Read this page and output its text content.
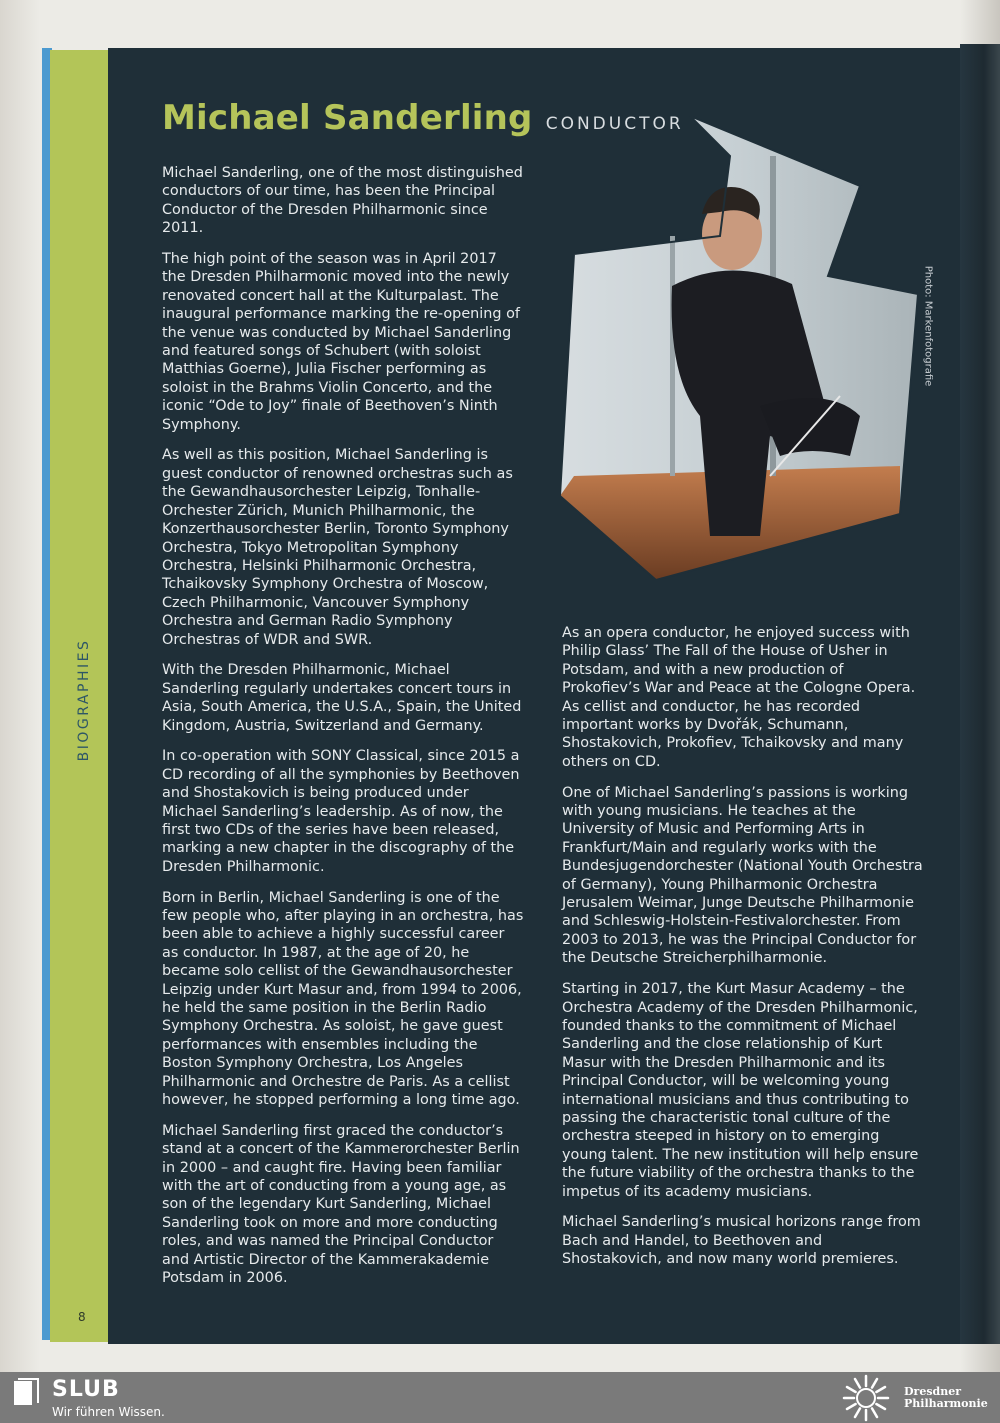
BIOGRAPHIES
8
Michael Sanderling CONDUCTOR

Michael Sanderling, one of the most distinguished conductors of our time, has been the Principal Conductor of the Dresden Philharmonic since 2011.

The high point of the season was in April 2017 the Dresden Philharmonic moved into the newly renovated concert hall at the Kulturpalast. The inaugural performance marking the re-opening of the venue was conducted by Michael Sanderling and featured songs of Schubert (with soloist Matthias Goerne), Julia Fischer performing as soloist in the Brahms Violin Concerto, and the iconic “Ode to Joy” finale of Beethoven’s Ninth Symphony.

As well as this position, Michael Sanderling is guest conductor of renowned orchestras such as the Gewandhausorchester Leipzig, Tonhalle-Orchester Zürich, Munich Philharmonic, the Konzerthausorchester Berlin, Toronto Symphony Orchestra, Tokyo Metropolitan Symphony Orchestra, Helsinki Philharmonic Orchestra, Tchaikovsky Symphony Orchestra of Moscow, Czech Philharmonic, Vancouver Symphony Orchestra and German Radio Symphony Orchestras of WDR and SWR.

With the Dresden Philharmonic, Michael Sanderling regularly undertakes concert tours in Asia, South America, the U.S.A., Spain, the United Kingdom, Austria, Switzerland and Germany.

In co-operation with SONY Classical, since 2015 a CD recording of all the symphonies by Beethoven and Shostakovich is being produced under Michael Sanderling’s leadership. As of now, the first two CDs of the series have been released, marking a new chapter in the discography of the Dresden Philharmonic.

Born in Berlin, Michael Sanderling is one of the few people who, after playing in an orchestra, has been able to achieve a highly successful career as conductor. In 1987, at the age of 20, he became solo cellist of the Gewandhausorchester Leipzig under Kurt Masur and, from 1994 to 2006, he held the same position in the Berlin Radio Symphony Orchestra. As soloist, he gave guest performances with ensembles including the Boston Symphony Orchestra, Los Angeles Philharmonic and Orchestre de Paris. As a cellist however, he stopped performing a long time ago.

Michael Sanderling first graced the conductor’s stand at a concert of the Kammerorchester Berlin in 2000 – and caught fire. Having been familiar with the art of conducting from a young age, as son of the legendary Kurt Sanderling, Michael Sanderling took on more and more conducting roles, and was named the Principal Conductor and Artistic Director of the Kammerakademie Potsdam in 2006.

As an opera conductor, he enjoyed success with Philip Glass’ The Fall of the House of Usher in Potsdam, and with a new production of Prokofiev’s War and Peace at the Cologne Opera. As cellist and conductor, he has recorded important works by Dvořák, Schumann, Shostakovich, Prokofiev, Tchaikovsky and many others on CD.

One of Michael Sanderling’s passions is working with young musicians. He teaches at the University of Music and Performing Arts in Frankfurt/Main and regularly works with the Bundesjugendorchester (National Youth Orchestra of Germany), Young Philharmonic Orchestra Jerusalem Weimar, Junge Deutsche Philharmonie and Schleswig-Holstein-Festivalorchester. From 2003 to 2013, he was the Principal Conductor for the Deutsche Streicherphilharmonie.

Starting in 2017, the Kurt Masur Academy – the Orchestra Academy of the Dresden Philharmonic, founded thanks to the commitment of Michael Sanderling and the close relationship of Kurt Masur with the Dresden Philharmonic and its Principal Conductor, will be welcoming young international musicians and thus contributing to passing the characteristic tonal culture of the orchestra steeped in history on to emerging young talent. The new institution will help ensure the future viability of the orchestra thanks to the impetus of its academy musicians.

Michael Sanderling’s musical horizons range from Bach and Handel, to Beethoven and Shostakovich, and now many world premieres.

Photo: Markenfotografie
SLUB
Wir führen Wissen.
Dresdner
Philharmonie
